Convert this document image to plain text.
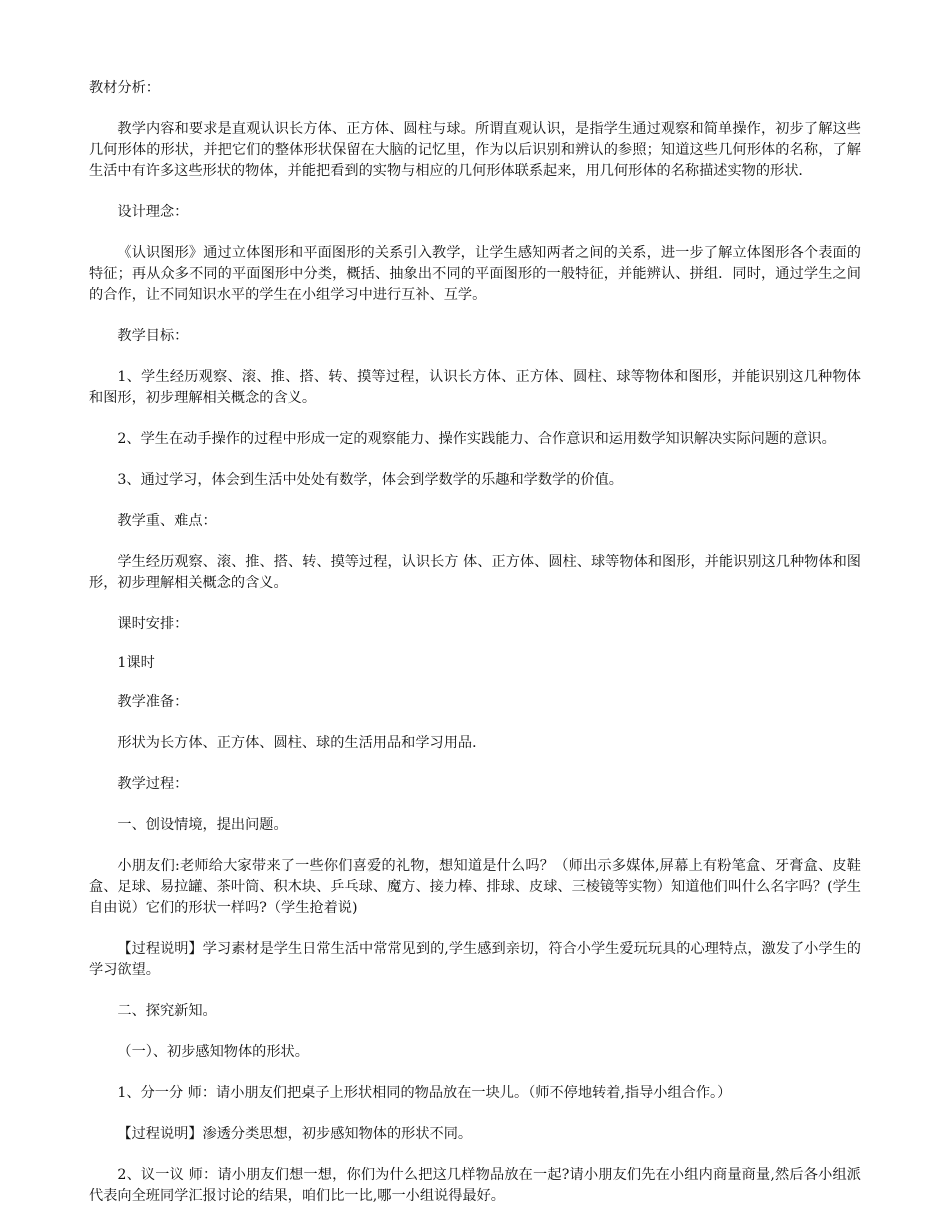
教材分析：

教学内容和要求是直观认识长方体、正方体、圆柱与球。所谓直观认识，是指学生通过观察和简单操作，初步了解这些几何形体的形状，并把它们的整体形状保留在大脑的记忆里，作为以后识别和辨认的参照；知道这些几何形体的名称，了解生活中有许多这些形状的物体，并能把看到的实物与相应的几何形体联系起来，用几何形体的名称描述实物的形状．

设计理念：

《认识图形》通过立体图形和平面图形的关系引入教学，让学生感知两者之间的关系，进一步了解立体图形各个表面的特征；再从众多不同的平面图形中分类，概括、抽象出不同的平面图形的一般特征，并能辨认、拼组．同时，通过学生之间的合作，让不同知识水平的学生在小组学习中进行互补、互学。

教学目标：

1、学生经历观察、滚、推、搭、转、摸等过程，认识长方体、正方体、圆柱、球等物体和图形，并能识别这几种物体和图形，初步理解相关概念的含义。

2、学生在动手操作的过程中形成一定的观察能力、操作实践能力、合作意识和运用数学知识解决实际问题的意识。

3、通过学习，体会到生活中处处有数学，体会到学数学的乐趣和学数学的价值。

教学重、难点：

学生经历观察、滚、推、搭、转、摸等过程，认识长方 体、正方体、圆柱、球等物体和图形，并能识别这几种物体和图形，初步理解相关概念的含义。

课时安排：

1课时

教学准备：

形状为长方体、正方体、圆柱、球的生活用品和学习用品．

教学过程：

一、创设情境，提出问题。

小朋友们:老师给大家带来了一些你们喜爱的礼物，想知道是什么吗？（师出示多媒体,屏幕上有粉笔盒、牙膏盒、皮鞋盒、足球、易拉罐、茶叶筒、积木块、乒乓球、魔方、接力棒、排球、皮球、三棱镜等实物）知道他们叫什么名字吗？(学生自由说）它们的形状一样吗?（学生抢着说)

【过程说明】学习素材是学生日常生活中常常见到的,学生感到亲切，符合小学生爱玩玩具的心理特点，激发了小学生的学习欲望。

二、探究新知。

（一）、初步感知物体的形状。

1、分一分 师：请小朋友们把桌子上形状相同的物品放在一块儿。（师不停地转着,指导小组合作。）

【过程说明】渗透分类思想，初步感知物体的形状不同。

2、议一议 师：请小朋友们想一想，你们为什么把这几样物品放在一起?请小朋友们先在小组内商量商量,然后各小组派代表向全班同学汇报讨论的结果，咱们比一比,哪一小组说得最好。
